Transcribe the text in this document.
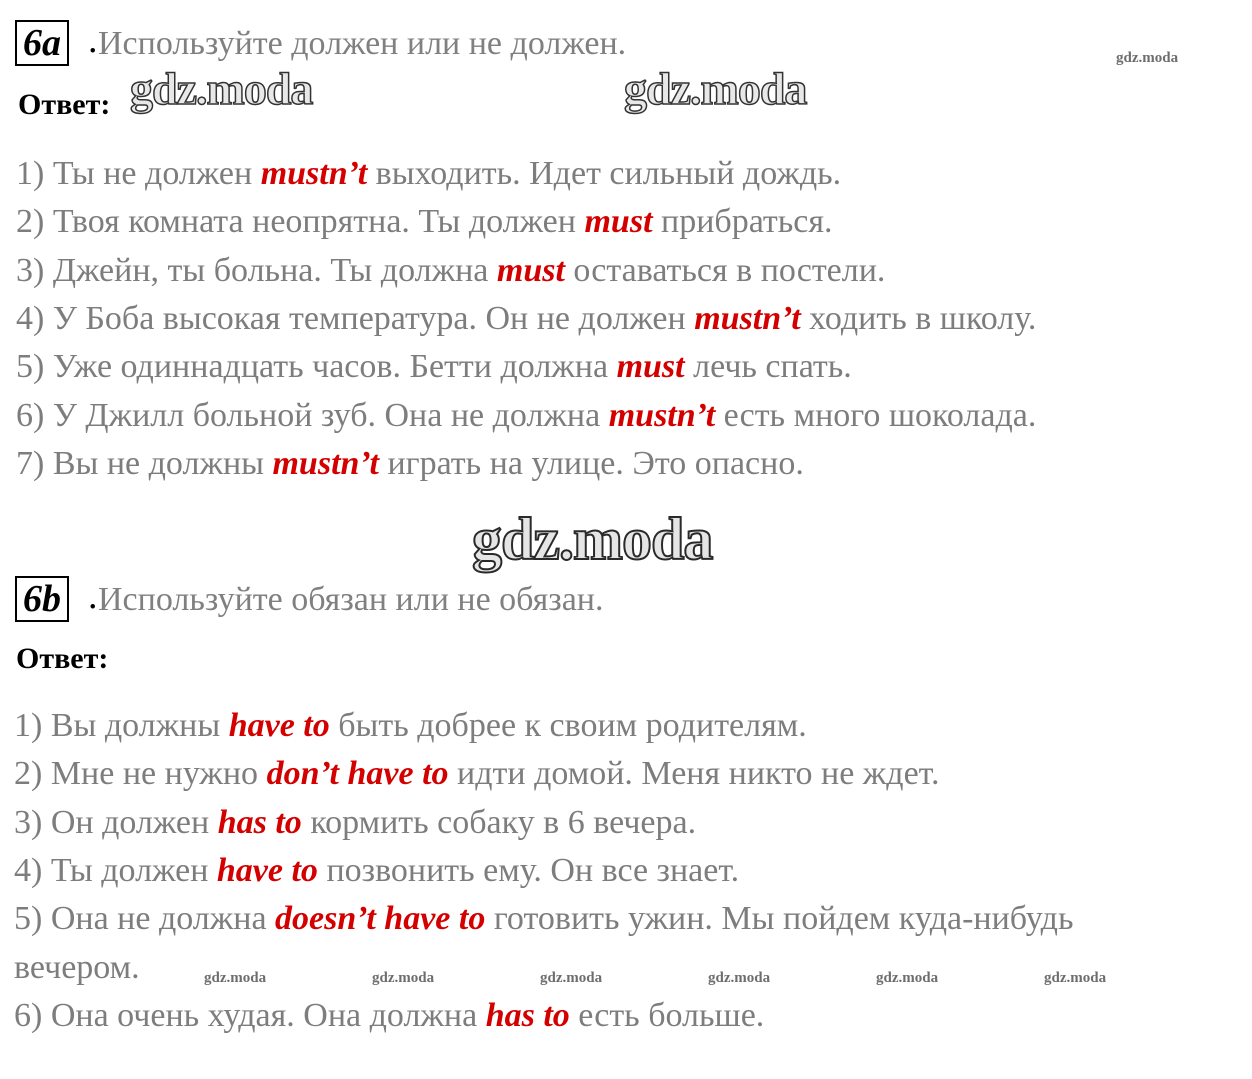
6a . Используйте должен или не должен.	gdz.moda
gdz.moda	gdz.moda
Ответ:
1) Ты не должен mustn’t выходить. Идет сильный дождь.
2) Твоя комната неопрятна. Ты должен must прибраться.
3) Джейн, ты больна. Ты должна must оставаться в постели.
4) У Боба высокая температура. Он не должен mustn’t ходить в школу.
5) Уже одиннадцать часов. Бетти должна must лечь спать.
6) У Джилл больной зуб. Она не должна mustn’t есть много шоколада.
7) Вы не должны mustn’t играть на улице. Это опасно.
gdz.moda
6b . Используйте обязан или не обязан.
Ответ:
1) Вы должны have to быть добрее к своим родителям.
2) Мне не нужно don’t have to идти домой. Меня никто не ждет.
3) Он должен has to кормить собаку в 6 вечера.
4) Ты должен have to позвонить ему. Он все знает.
5) Она не должна doesn’t have to готовить ужин. Мы пойдем куда-нибудь
вечером.
6) Она очень худая. Она должна has to есть больше.
gdz.moda	gdz.moda	gdz.moda	gdz.moda	gdz.moda	gdz.moda
